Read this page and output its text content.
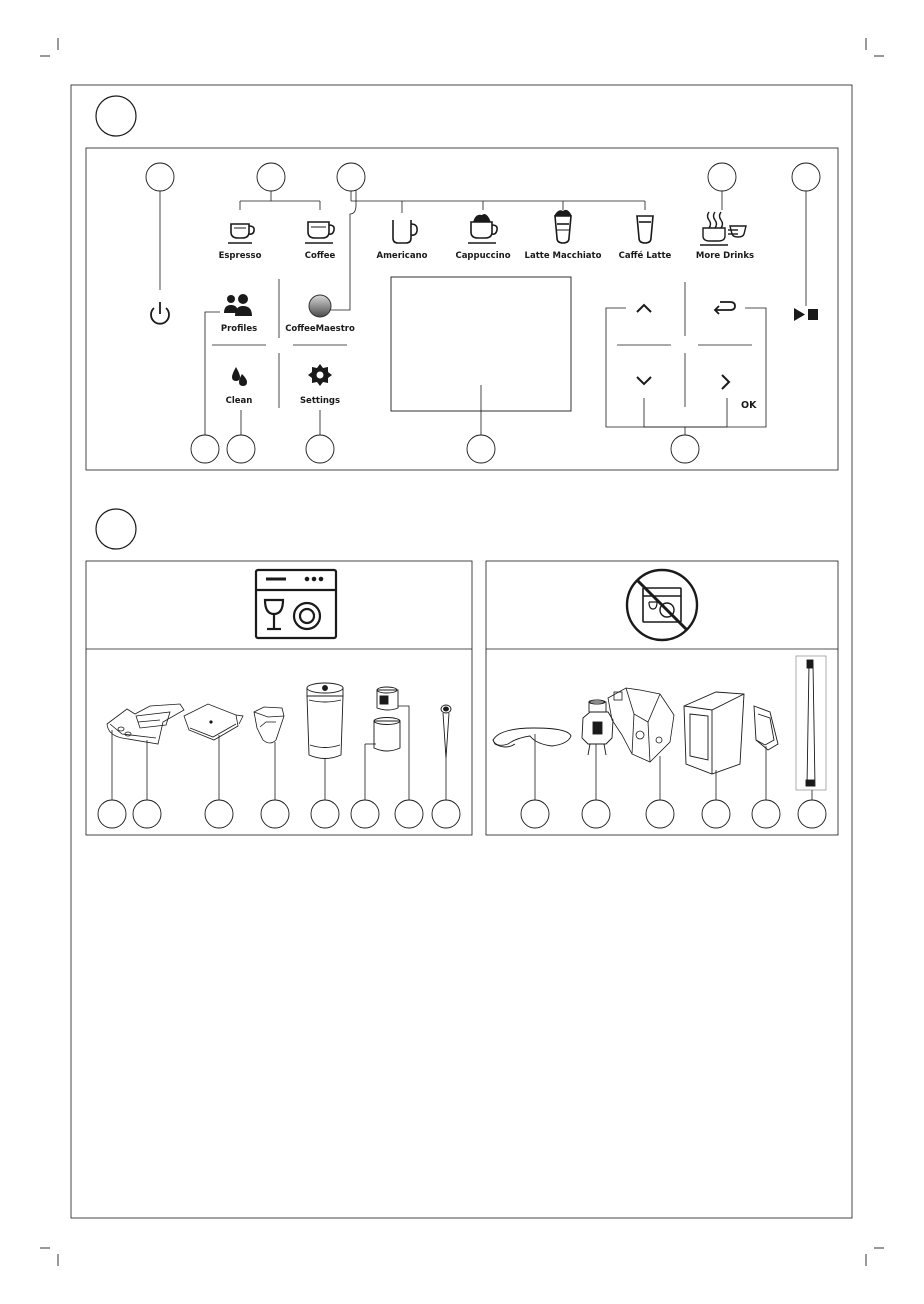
Espresso	Coffee	Americano	Cappuccino	Latte Macchiato	Caffé Latte	More Drinks
Profiles	CoffeeMaestro
Clean	Settings	OK
